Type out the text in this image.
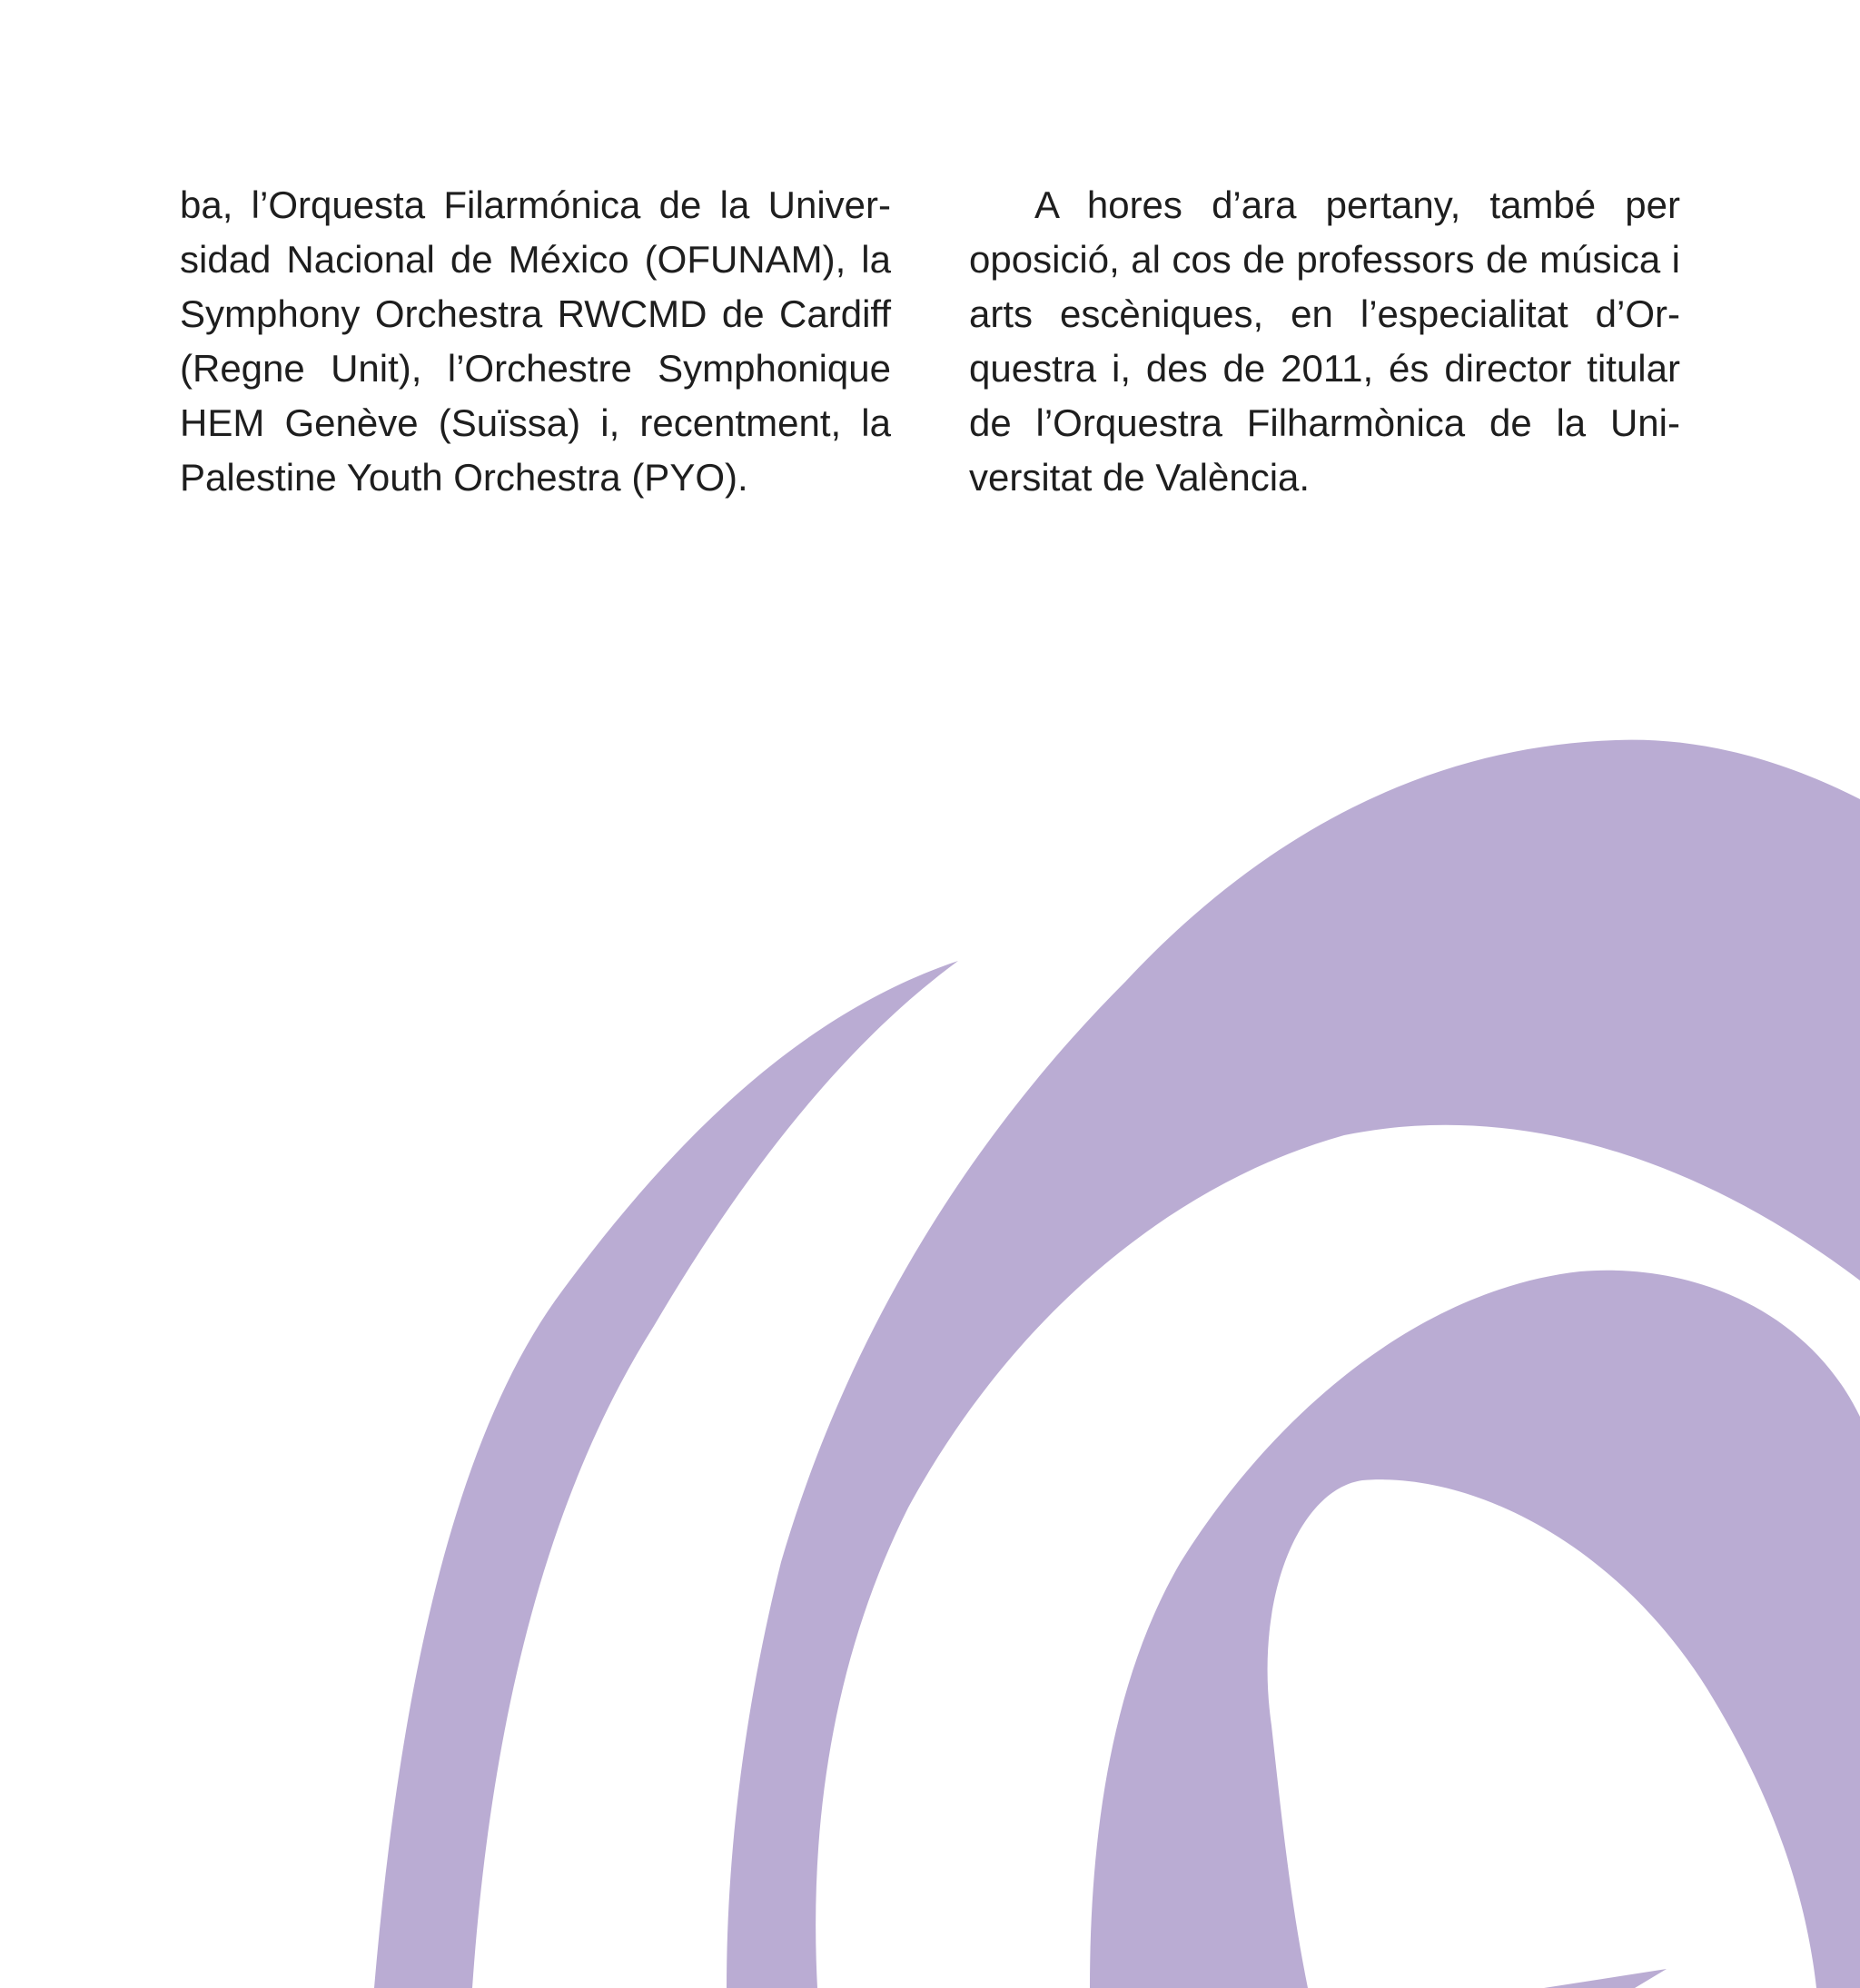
ba, l’Orquesta Filarmónica de la Universidad Nacional de México (OFUNAM), la Symphony Orchestra RWCMD de Cardiff (Regne Unit), l’Orchestre Symphonique HEM Genève (Suïssa) i, recentment, la Palestine Youth Orchestra (PYO).

A hores d’ara pertany, també per oposició, al cos de professors de música i arts escèniques, en l’especialitat d’Orquestra i, des de 2011, és director titular de l’Orquestra Filharmònica de la Universitat de València.
